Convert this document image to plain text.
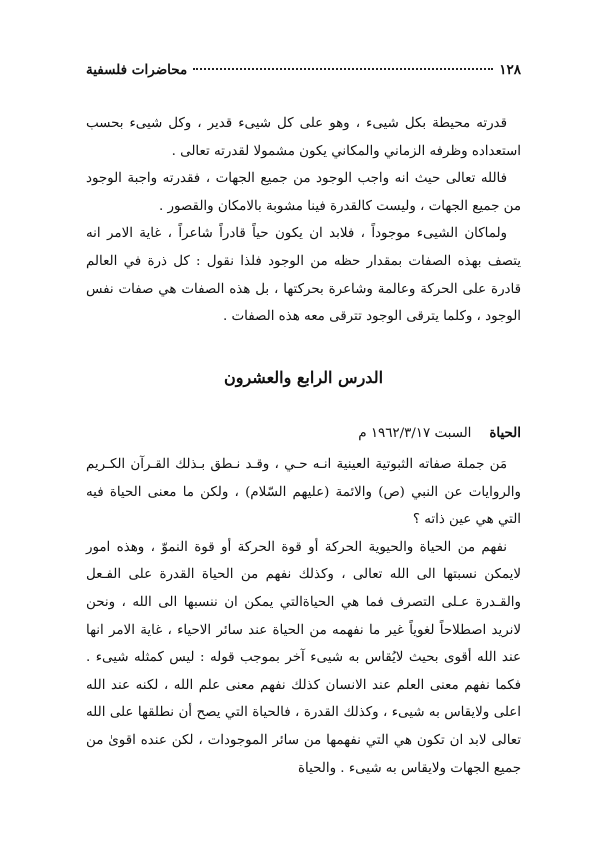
١٢٨
محاضرات فلسفية

قدرته محيطة بكل شيىء ، وهو على كل شيىء قدير ، وكل شيىء بحسب استعداده وظرفه الزماني والمكاني يكون مشمولا لقدرته تعالى .

فالله تعالى حيث انه واجب الوجود من جميع الجهات ، فقدرته واجبة الوجود من جميع الجهات ، وليست كالقدرة فينا مشوبة بالامكان والقصور .

ولماكان الشيىء موجوداً ، فلابد ان يكون حياً قادراً شاعراً ، غاية الامر انه يتصف بهذه الصفات بمقدار حظه من الوجود فلذا نقول : كل ذرة في العالم قادرة على الحركة وعالمة وشاعرة بحركتها ، بل هذه الصفات هي صفات نفس الوجود ، وكلما يترقى الوجود تترقى معه هذه الصفات .

الدرس الرابع والعشرون
الحياة
السبت ١٩٦٢/٣/١٧ م

مَن جملة صفاته الثبوتية العينية انـه حـي ، وقـد نـطق بـذلك القـرآن الكـريم والروايات عن النبي (ص) والائمة (عليهم السّلام) ، ولكن ما معنى الحياة فيه التي هي عين ذاته ؟

نفهم من الحياة والحيوية الحركة أو قوة الحركة أو قوة النموّ ، وهذه امور لايمكن نسبتها الى الله تعالى ، وكذلك نفهم من الحياة القدرة على الفـعل والقـدرة عـلى التصرف فما هي الحياةالتي يمكن ان ننسبها الى الله ، ونحن لانريد اصطلاحاً لغوياً غير ما نفهمه من الحياة عند سائر الاحياء ، غاية الامر انها عند الله أقوى بحيث لايُقاس به شيىء آخر بموجب قوله : ليس كمثله شيىء . فكما نفهم معنى العلم عند الانسان كذلك نفهم معنى علم الله ، لكنه عند الله اعلى ولايقاس به شيىء ، وكذلك القدرة ، فالحياة التي يصح أن نطلقها على الله تعالى لابد ان تكون هي التي نفهمها من سائر الموجودات ، لكن عنده اقوىٰ من جميع الجهات ولايقاس به شيىء . والحياة
